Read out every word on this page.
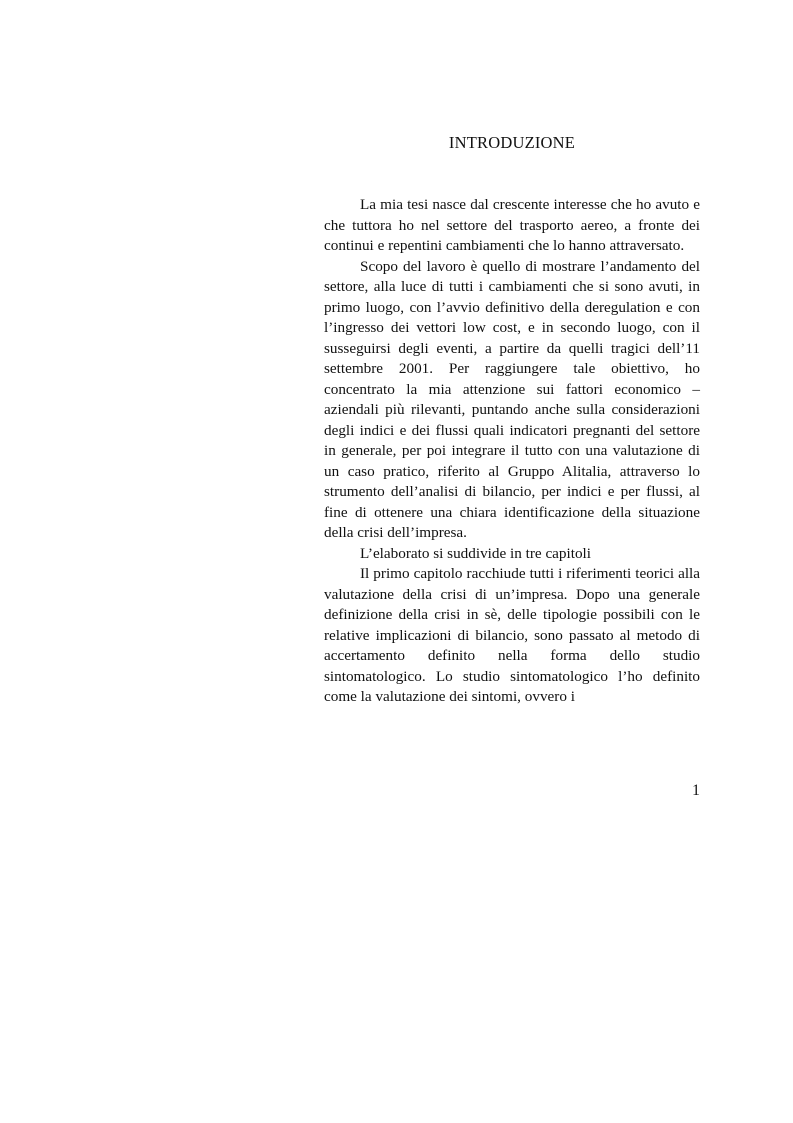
INTRODUZIONE

La mia tesi nasce dal crescente interesse che ho avuto e che tuttora ho nel settore del trasporto aereo, a fronte dei continui e repentini cambiamenti che lo hanno attraversato.

Scopo del lavoro è quello di mostrare l’andamento del settore, alla luce di tutti i cambiamenti che si sono avuti, in primo luogo, con l’avvio definitivo della deregulation e con l’ingresso dei vettori low cost, e in secondo luogo, con il susseguirsi degli eventi, a partire da quelli tragici dell’11 settembre 2001. Per raggiungere tale obiettivo, ho concentrato la mia attenzione sui fattori economico – aziendali più rilevanti, puntando anche sulla considerazioni degli indici e dei flussi quali indicatori pregnanti del settore in generale, per poi integrare il tutto con una valutazione di un caso pratico, riferito al Gruppo Alitalia, attraverso lo strumento dell’analisi di bilancio, per indici e per flussi, al fine di ottenere una chiara identificazione della situazione della crisi dell’impresa.

L’elaborato si suddivide in tre capitoli

Il primo capitolo racchiude tutti i riferimenti teorici alla valutazione della crisi di un’impresa. Dopo una generale definizione della crisi in sè, delle tipologie possibili con le relative implicazioni di bilancio, sono passato al metodo di accertamento definito nella forma dello studio sintomatologico. Lo studio sintomatologico l’ho definito come la valutazione dei sintomi, ovvero i

1
